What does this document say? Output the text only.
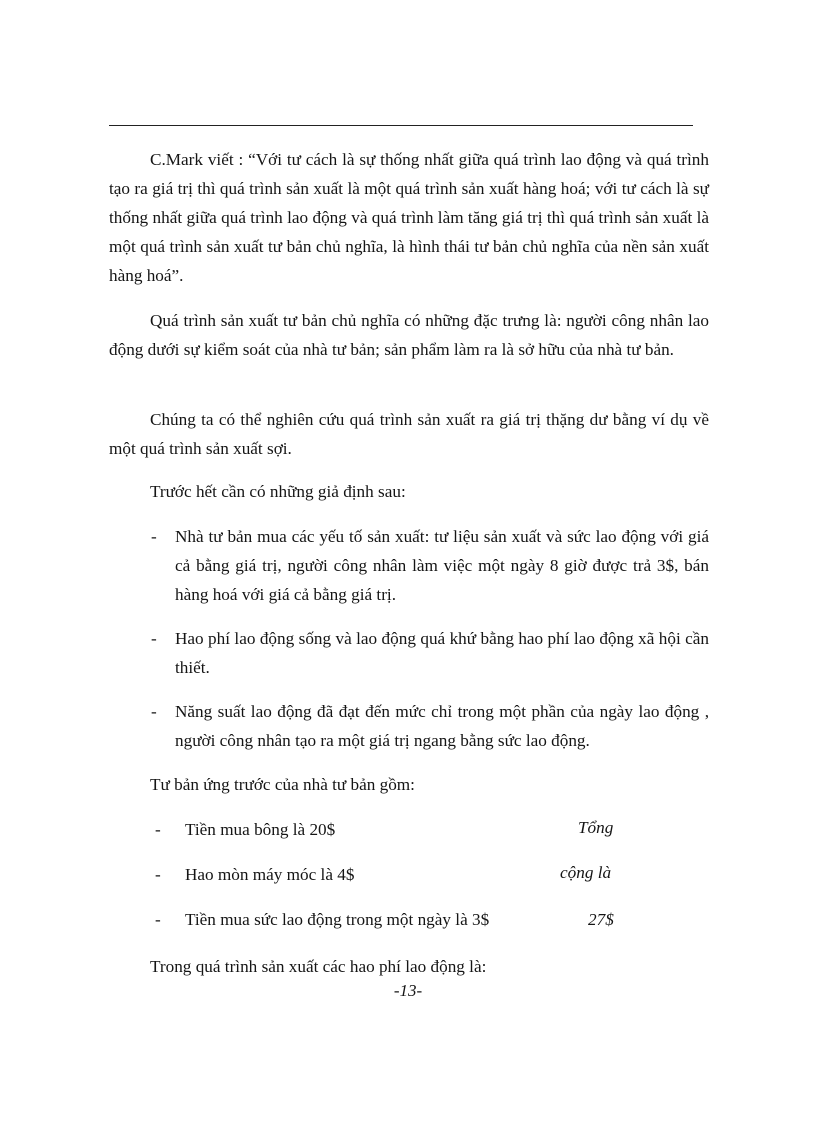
C.Mark viết : “Với tư cách là sự thống nhất giữa quá trình lao động và quá trình tạo ra giá trị thì quá trình sản xuất là một quá trình sản xuất hàng hoá; với tư cách là sự thống nhất giữa quá trình lao động và quá trình làm tăng giá trị thì quá trình sản xuất là một quá trình sản xuất tư bản chủ nghĩa, là hình thái tư bản chủ nghĩa của nền sản xuất hàng hoá”.
Quá trình sản xuất tư bản chủ nghĩa có những đặc trưng là: người công nhân lao động dưới sự kiểm soát của nhà tư bản; sản phẩm làm ra là sở hữu của nhà tư bản.
Chúng ta có thể nghiên cứu quá trình sản xuất ra giá trị thặng dư bằng ví dụ về một quá trình sản xuất sợi.
Trước hết cần có những giả định sau:
- Nhà tư bản mua các yếu tố sản xuất: tư liệu sản xuất và sức lao động với giá cả bằng giá trị, người công nhân làm việc một ngày 8 giờ được trả 3$, bán hàng hoá với giá cả bằng giá trị.
- Hao phí lao động sống và lao động quá khứ bằng hao phí lao động xã hội cần thiết.
- Năng suất lao động đã đạt đến mức chỉ trong một phần của ngày lao động , người công nhân tạo ra một giá trị ngang bằng sức lao động.
Tư bản ứng trước của nhà tư bản gồm:
- Tiền mua bông là 20$
- Hao mòn máy móc là 4$
- Tiền mua sức lao động trong một ngày là 3$
Tổng
cộng là
27$
Trong quá trình sản xuất các hao phí lao động là:
-13-
